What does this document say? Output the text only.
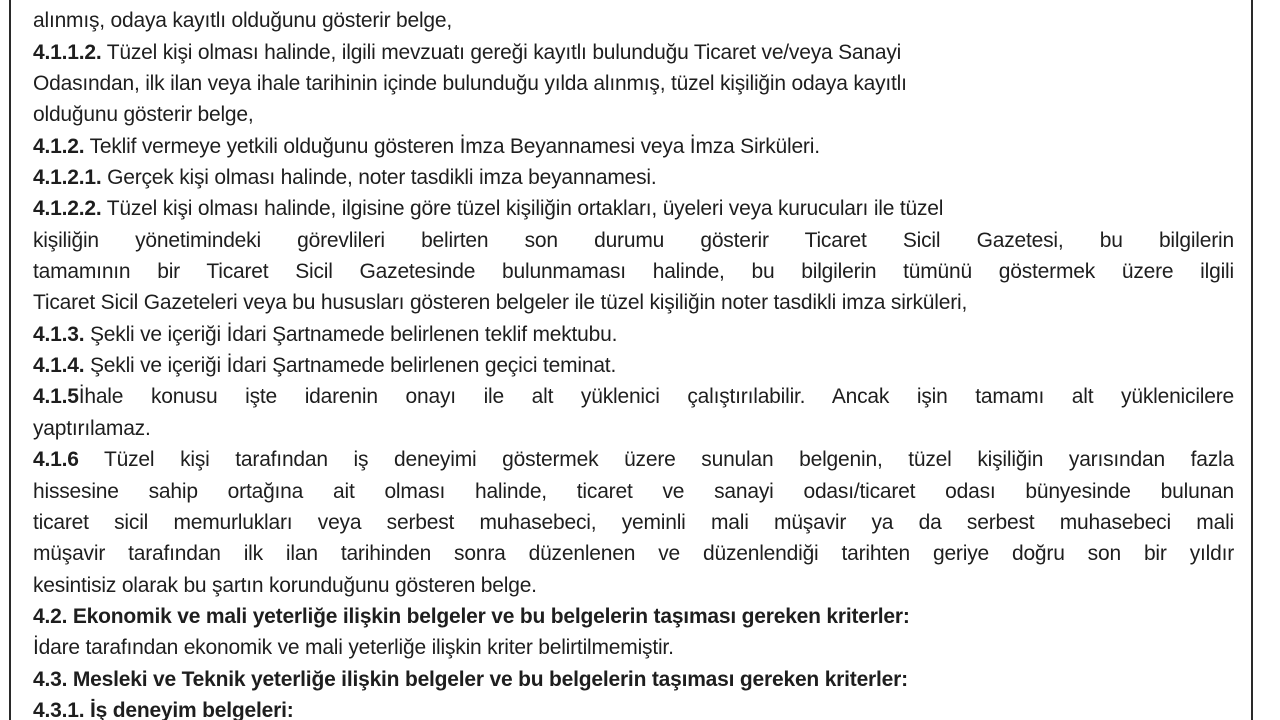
alınmış, odaya kayıtlı olduğunu gösterir belge,
4.1.1.2. Tüzel kişi olması halinde, ilgili mevzuatı gereği kayıtlı bulunduğu Ticaret ve/veya Sanayi
Odasından, ilk ilan veya ihale tarihinin içinde bulunduğu yılda alınmış, tüzel kişiliğin odaya kayıtlı
olduğunu gösterir belge,
4.1.2. Teklif vermeye yetkili olduğunu gösteren İmza Beyannamesi veya İmza Sirküleri.
4.1.2.1. Gerçek kişi olması halinde, noter tasdikli imza beyannamesi.
4.1.2.2. Tüzel kişi olması halinde, ilgisine göre tüzel kişiliğin ortakları, üyeleri veya kurucuları ile tüzel
kişiliğin yönetimindeki görevlileri belirten son durumu gösterir Ticaret Sicil Gazetesi, bu bilgilerin
tamamının bir Ticaret Sicil Gazetesinde bulunmaması halinde, bu bilgilerin tümünü göstermek üzere ilgili
Ticaret Sicil Gazeteleri veya bu hususları gösteren belgeler ile tüzel kişiliğin noter tasdikli imza sirküleri,
4.1.3. Şekli ve içeriği İdari Şartnamede belirlenen teklif mektubu.
4.1.4. Şekli ve içeriği İdari Şartnamede belirlenen geçici teminat.
4.1.5İhale konusu işte idarenin onayı ile alt yüklenici çalıştırılabilir. Ancak işin tamamı alt yüklenicilere
yaptırılamaz.
4.1.6 Tüzel kişi tarafından iş deneyimi göstermek üzere sunulan belgenin, tüzel kişiliğin yarısından fazla
hissesine sahip ortağına ait olması halinde, ticaret ve sanayi odası/ticaret odası bünyesinde bulunan
ticaret sicil memurlukları veya serbest muhasebeci, yeminli mali müşavir ya da serbest muhasebeci mali
müşavir tarafından ilk ilan tarihinden sonra düzenlenen ve düzenlendiği tarihten geriye doğru son bir yıldır
kesintisiz olarak bu şartın korunduğunu gösteren belge.
4.2. Ekonomik ve mali yeterliğe ilişkin belgeler ve bu belgelerin taşıması gereken kriterler:
İdare tarafından ekonomik ve mali yeterliğe ilişkin kriter belirtilmemiştir.
4.3. Mesleki ve Teknik yeterliğe ilişkin belgeler ve bu belgelerin taşıması gereken kriterler:
4.3.1. İş deneyim belgeleri:
